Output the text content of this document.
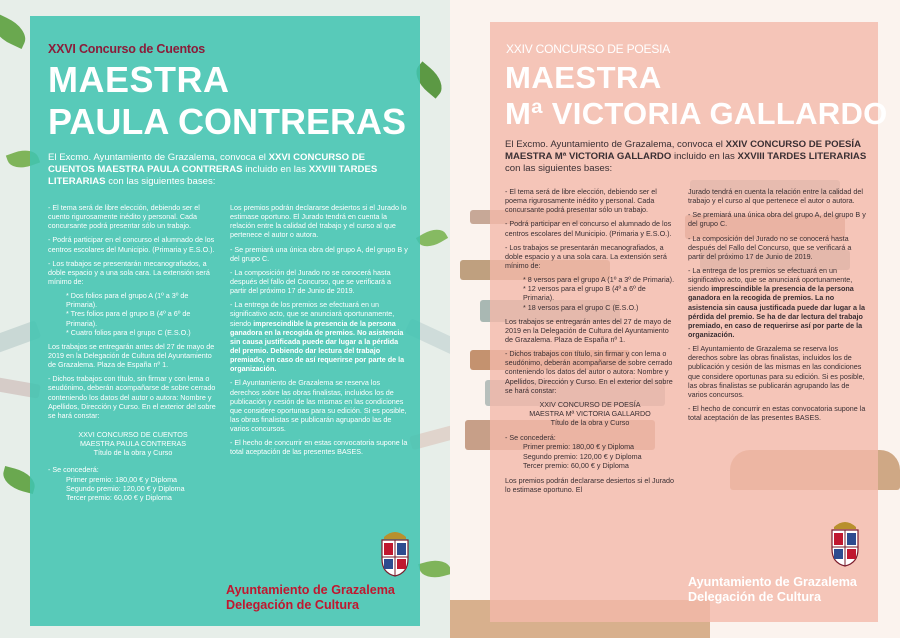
XXVI Concurso de Cuentos
MAESTRA
PAULA CONTRERAS
El Excmo. Ayuntamiento de Grazalema, convoca el XXVI CONCURSO DE CUENTOS MAESTRA PAULA CONTRERAS incluido en las XXVIII TARDES LITERARIAS con las siguientes bases:

- El tema será de libre elección, debiendo ser el cuento rigurosamente inédito y personal. Cada concursante podrá presentar sólo un trabajo.

- Podrá participar en el concurso el alumnado de los centros escolares del Municipio. (Primaria y E.S.O.).

- Los trabajos se presentarán mecanografiados, a doble espacio y a una sola cara. La extensión será mínimo de:

* Dos folios para el grupo A (1º a 3º de Primaria).
* Tres folios para el grupo B (4º a 6º de Primaria).

* Cuatro folios para el grupo C (E.S.O.)

Los trabajos se entregarán antes del 27 de mayo de 2019 en la Delegación de Cultura del Ayuntamiento de Grazalema. Plaza de España nº 1.

- Dichos trabajos con título, sin firmar y con lema o seudónimo, deberán acompañarse de sobre cerrado conteniendo los datos del autor o autora: Nombre y Apellidos, Dirección y Curso. En el exterior del sobre se hará constar:

XXVI CONCURSO DE CUENTOS
MAESTRA PAULA CONTRERAS

Título de la obra y Curso

- Se concederá:
Primer premio: 180,00 € y Diploma
Segundo premio: 120,00 € y Diploma
Tercer premio: 60,00 € y Diploma

Los premios podrán declararse desiertos si el Jurado lo estimase oportuno. El Jurado tendrá en cuenta la relación entre la calidad del trabajo y el curso al que pertenece el autor o autora.

- Se premiará una única obra del grupo A, del grupo B y del grupo C.

- La composición del Jurado no se conocerá hasta después del fallo del Concurso, que se verificará a partir del próximo 17 de Junio de 2019.

- La entrega de los premios se efectuará en un significativo acto, que se anunciará oportunamente, siendo imprescindible la presencia de la persona ganadora en la recogida de premios. No asistencia sin causa justificada puede dar lugar a la pérdida del premio. Debiendo dar lectura del trabajo premiado, en caso de así requerirse por parte de la organización.

- El Ayuntamiento de Grazalema se reserva los derechos sobre las obras finalistas, incluidos los de publicación y cesión de las mismas en las condiciones que considere oportunas para su edición. Si es posible, las obras finalistas se publicarán agrupando las de varios concursos.

- El hecho de concurrir en estas convocatoria supone la total aceptación de las presentes BASES.

Ayuntamiento de Grazalema
Delegación de Cultura
XXIV CONCURSO DE POESIA
MAESTRA
Mª VICTORIA GALLARDO
El Excmo. Ayuntamiento de Grazalema, convoca el XXIV CONCURSO DE POESÍA MAESTRA Mª VICTORIA GALLARDO incluido en las XXVIII TARDES LITERARIAS con las siguientes bases:

- El tema será de libre elección, debiendo ser el poema rigurosamente inédito y personal. Cada concursante podrá presentar sólo un trabajo.

- Podrá participar en el concurso el alumnado de los centros escolares del Municipio. (Primaria y E.S.O.).

- Los trabajos se presentarán mecanografiados, a doble espacio y a una sola cara. La extensión será mínimo de:

* 8 versos para el grupo A (1º a 3º de Primaria).
* 12 versos para el grupo B (4º a 6º de Primaria).

* 18 versos para el grupo C (E.S.O.)

Los trabajos se entregarán antes del 27 de mayo de 2019 en la Delegación de Cultura del Ayuntamiento de Grazalema. Plaza de España nº 1.

- Dichos trabajos con título, sin firmar y con lema o seudónimo, deberán acompañarse de sobre cerrado conteniendo los datos del autor o autora: Nombre y Apellidos, Dirección y Curso. En el exterior del sobre se hará constar:

XXIV CONCURSO DE POESÍA
MAESTRA Mª VICTORIA GALLARDO

Título de la obra y Curso

- Se concederá:
Primer premio: 180,00 € y Diploma
Segundo premio: 120,00 € y Diploma

Tercer premio: 60,00 € y Diploma

Los premios podrán declararse desiertos si el Jurado lo estimase oportuno. El

Jurado tendrá en cuenta la relación entre la calidad del trabajo y el curso al que pertenece el autor o autora.

- Se premiará una única obra del grupo A, del grupo B y del grupo C.

- La composición del Jurado no se conocerá hasta después del Fallo del Concurso, que se verificará a partir del próximo 17 de Junio de 2019.

- La entrega de los premios se efectuará en un significativo acto, que se anunciará oportunamente, siendo imprescindible la presencia de la persona ganadora en la recogida de premios. La no asistencia sin causa justificada puede dar lugar a la pérdida del premio. Se ha de dar lectura del trabajo premiado, en caso de requerirse así por parte de la organización.

- El Ayuntamiento de Grazalema se reserva los derechos sobre las obras finalistas, incluidos los de publicación y cesión de las mismas en las condiciones que considere oportunas para su edición. Si es posible, las obras finalistas se publicarán agrupando las de varios concursos.

- El hecho de concurrir en estas convocatoria supone la total aceptación de las presentes BASES.

Ayuntamiento de Grazalema
Delegación de Cultura
